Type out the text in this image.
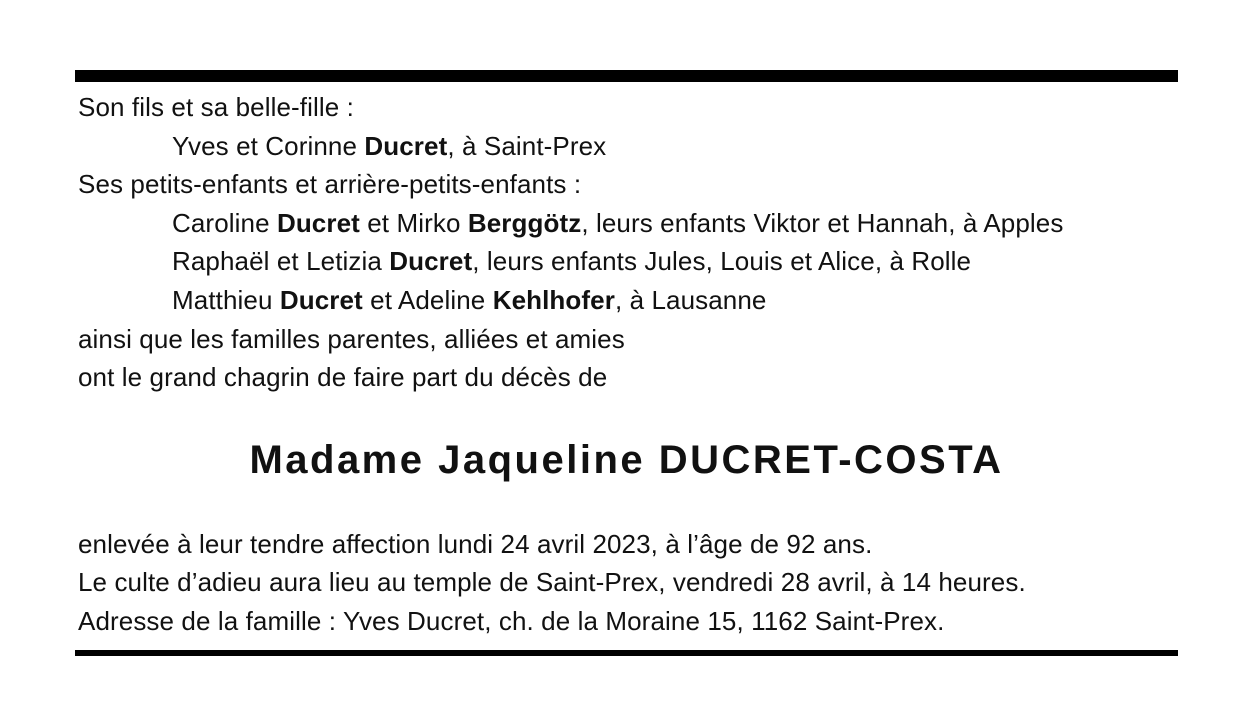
Son fils et sa belle-fille :

Yves et Corinne Ducret, à Saint-Prex

Ses petits-enfants et arrière-petits-enfants :

Caroline Ducret et Mirko Berggötz, leurs enfants Viktor et Hannah, à Apples

Raphaël et Letizia Ducret, leurs enfants Jules, Louis et Alice, à Rolle

Matthieu Ducret et Adeline Kehlhofer, à Lausanne

ainsi que les familles parentes, alliées et amies

ont le grand chagrin de faire part du décès de

Madame Jaqueline DUCRET-COSTA

enlevée à leur tendre affection lundi 24 avril 2023, à l’âge de 92 ans.

Le culte d’adieu aura lieu au temple de Saint-Prex, vendredi 28 avril, à 14 heures.

Adresse de la famille : Yves Ducret, ch. de la Moraine 15, 1162 Saint-Prex.
